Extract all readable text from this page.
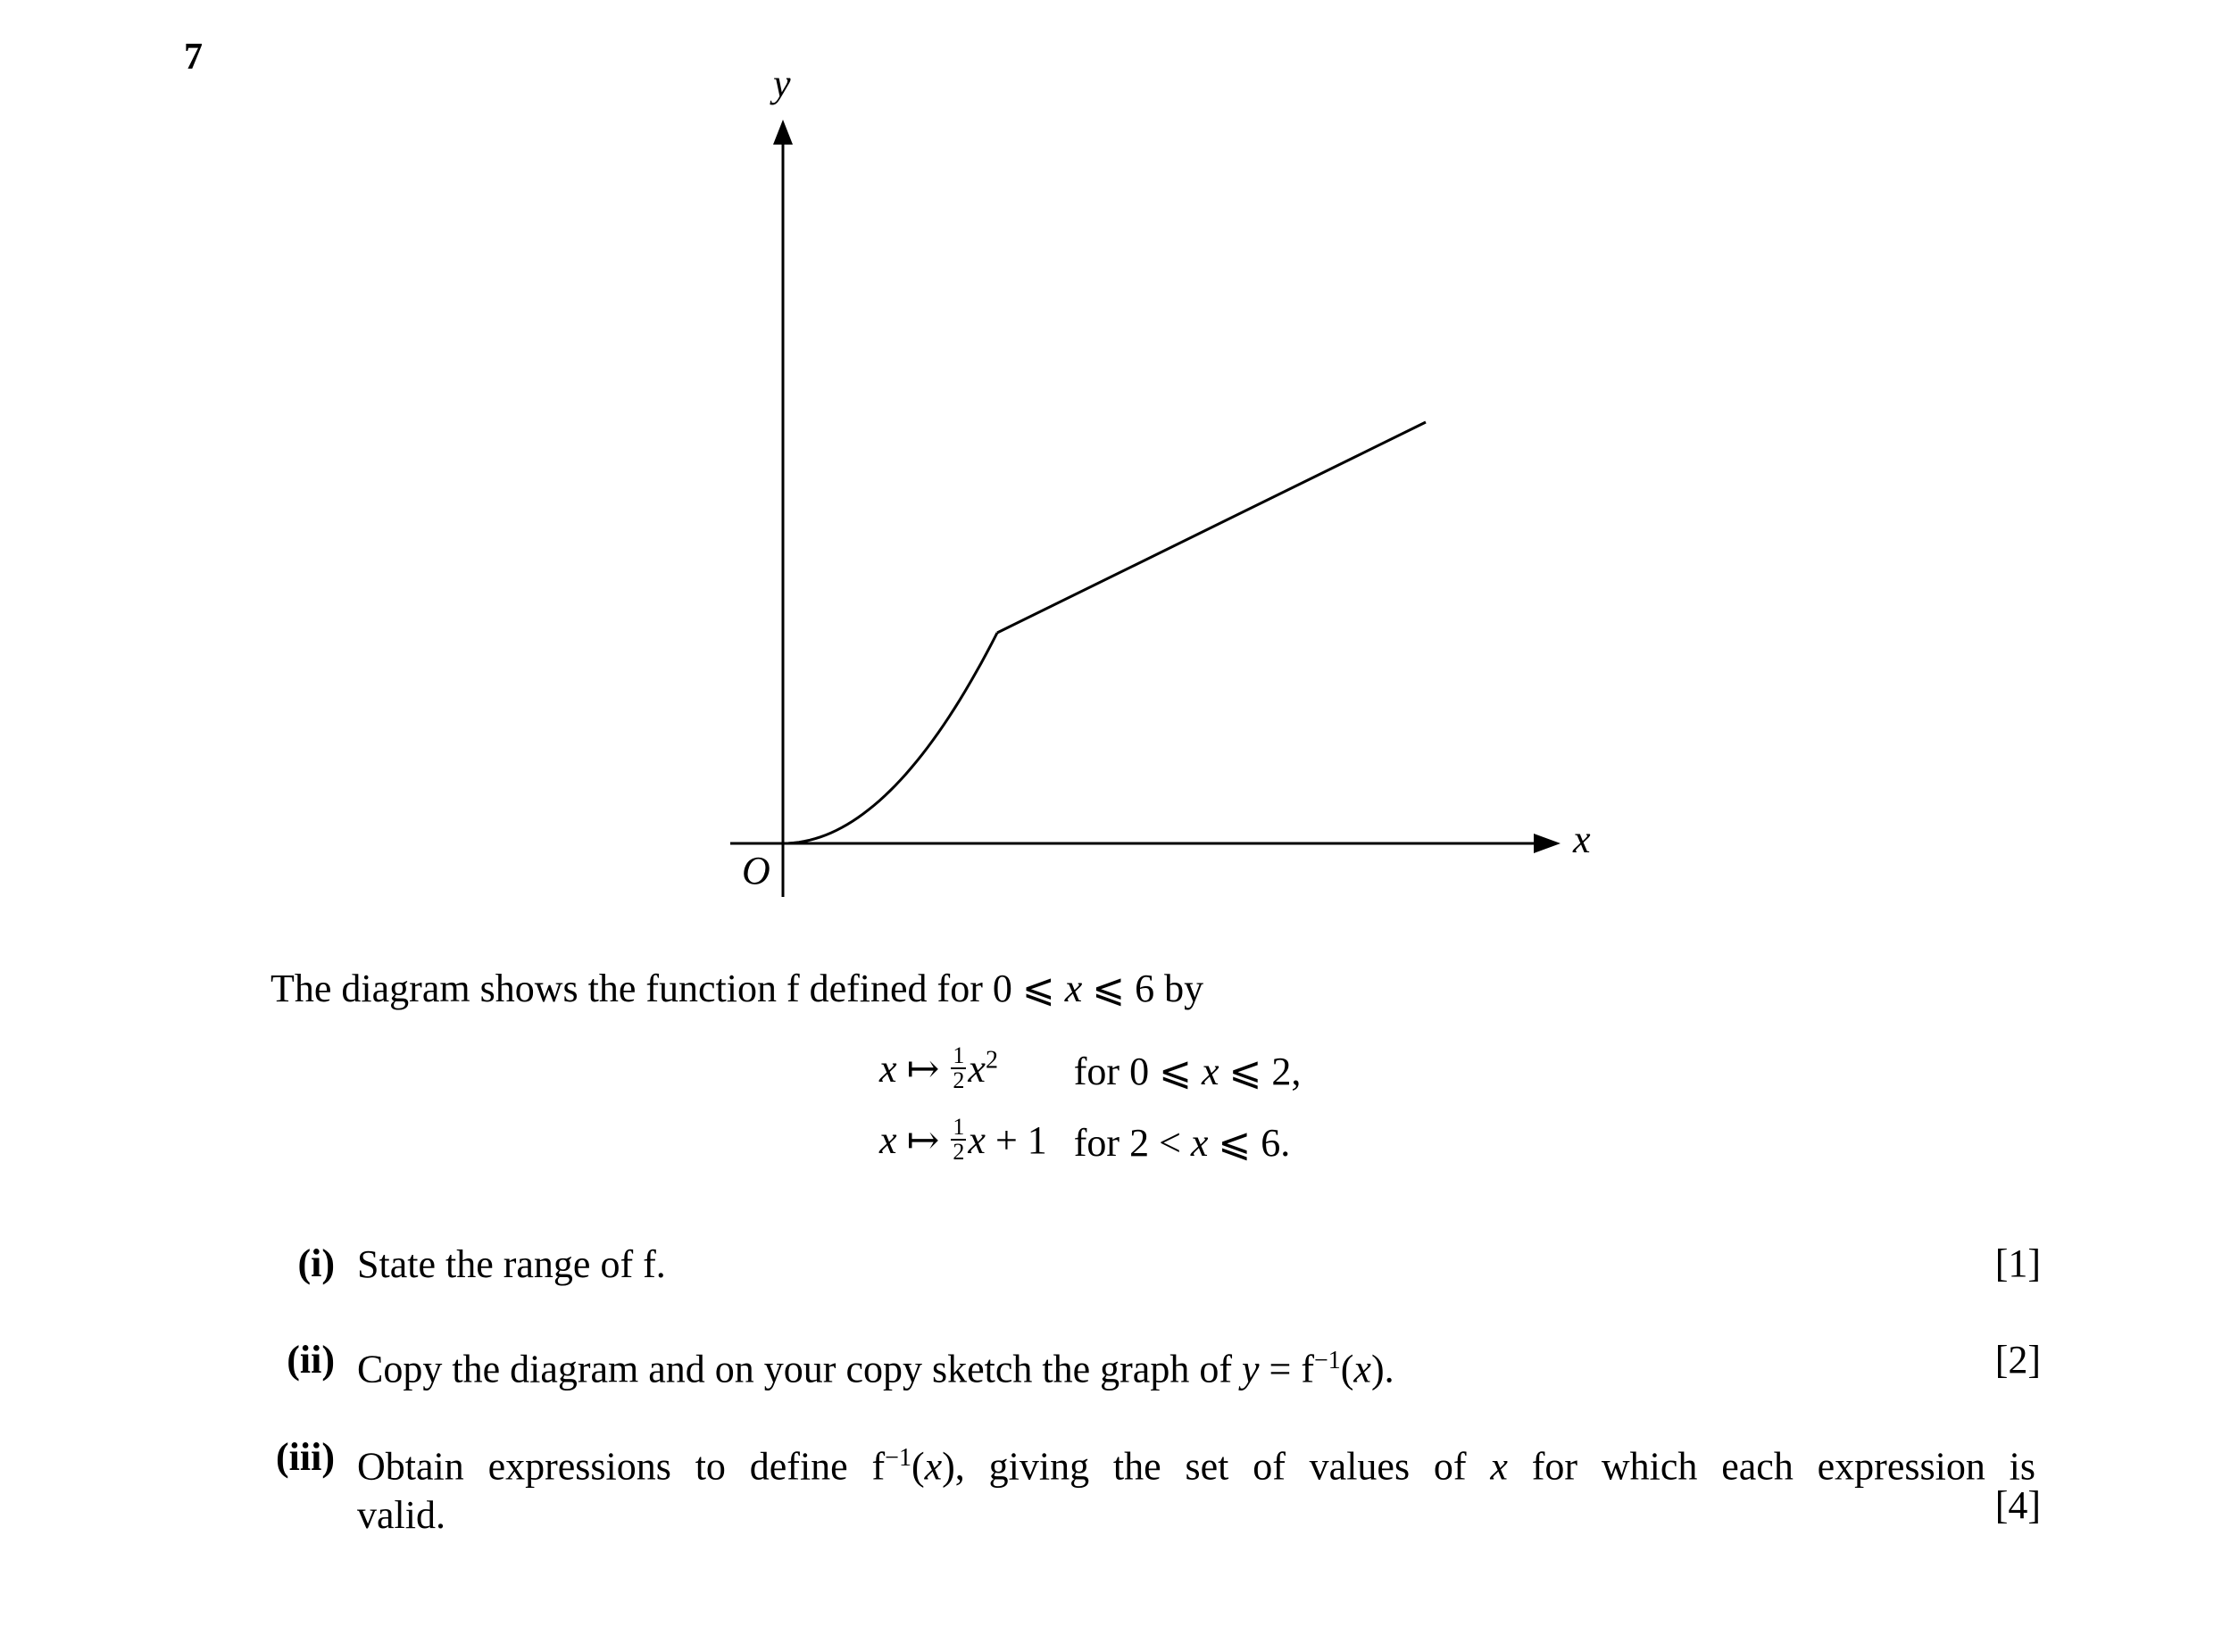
7
y
x
O
The diagram shows the function f defined for 0 ⩽ x ⩽ 6 by
x ↦ $\frac{1}{2} x^2$	for 0 ⩽ x ⩽ 2,
x ↦ $\frac{1}{2}$ x + 1	for 2 < x ⩽ 6.
(i) State the range of f.	[1]
(ii) Copy the diagram and on your copy sketch the graph of $y = f^{-1}(x)$.	[2]
(iii) Obtain expressions to define $f^{-1}(x)$, giving the set of values of x for which each expression is
valid.	[4]
